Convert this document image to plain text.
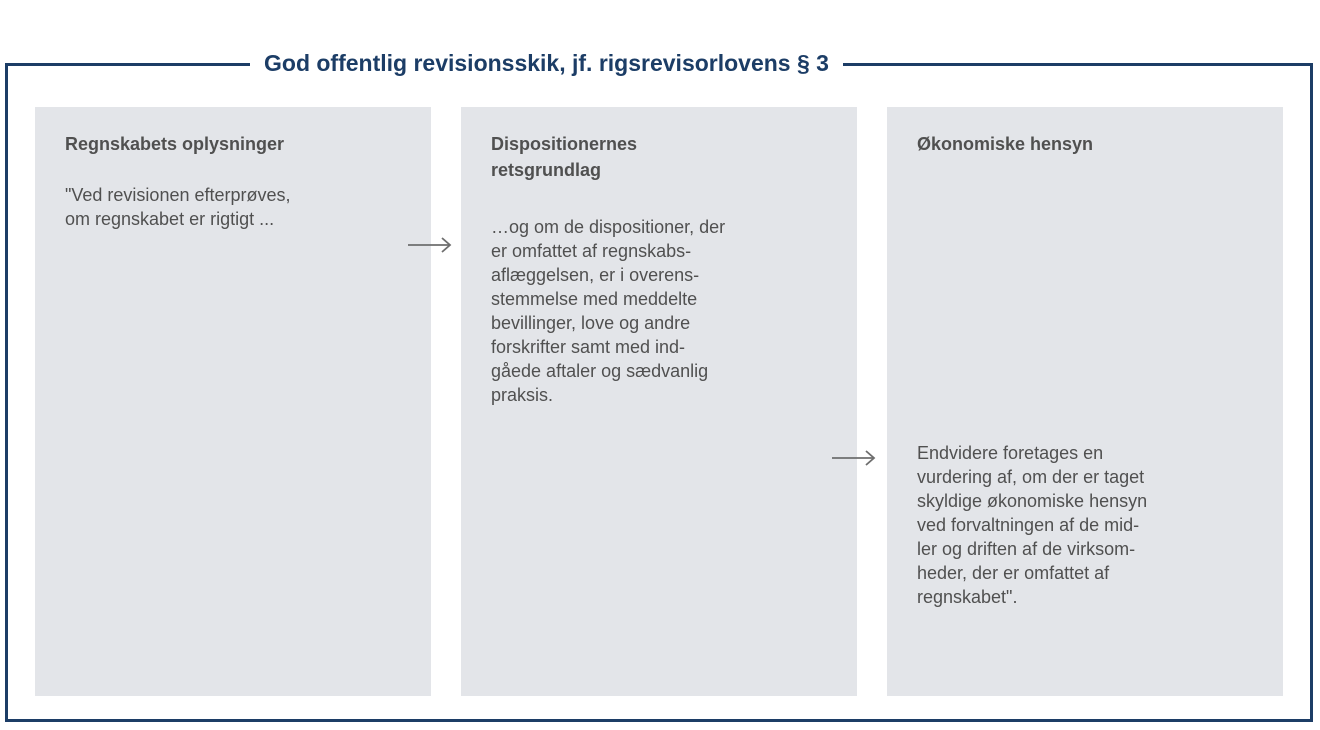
God offentlig revisionsskik, jf. rigsrevisorlovens § 3

Regnskabets oplysninger

"Ved revisionen efterprøves,
om regnskabet er rigtigt ...

Dispositionernes
retsgrundlag

…og om de dispositioner, der
er omfattet af regnskabs-
aflæggelsen, er i overens-
stemmelse med meddelte
bevillinger, love og andre
forskrifter samt med ind-
gåede aftaler og sædvanlig
praksis.

Økonomiske hensyn

Endvidere foretages en
vurdering af, om der er taget
skyldige økonomiske hensyn
ved forvaltningen af de mid-
ler og driften af de virksom-
heder, der er omfattet af
regnskabet".
